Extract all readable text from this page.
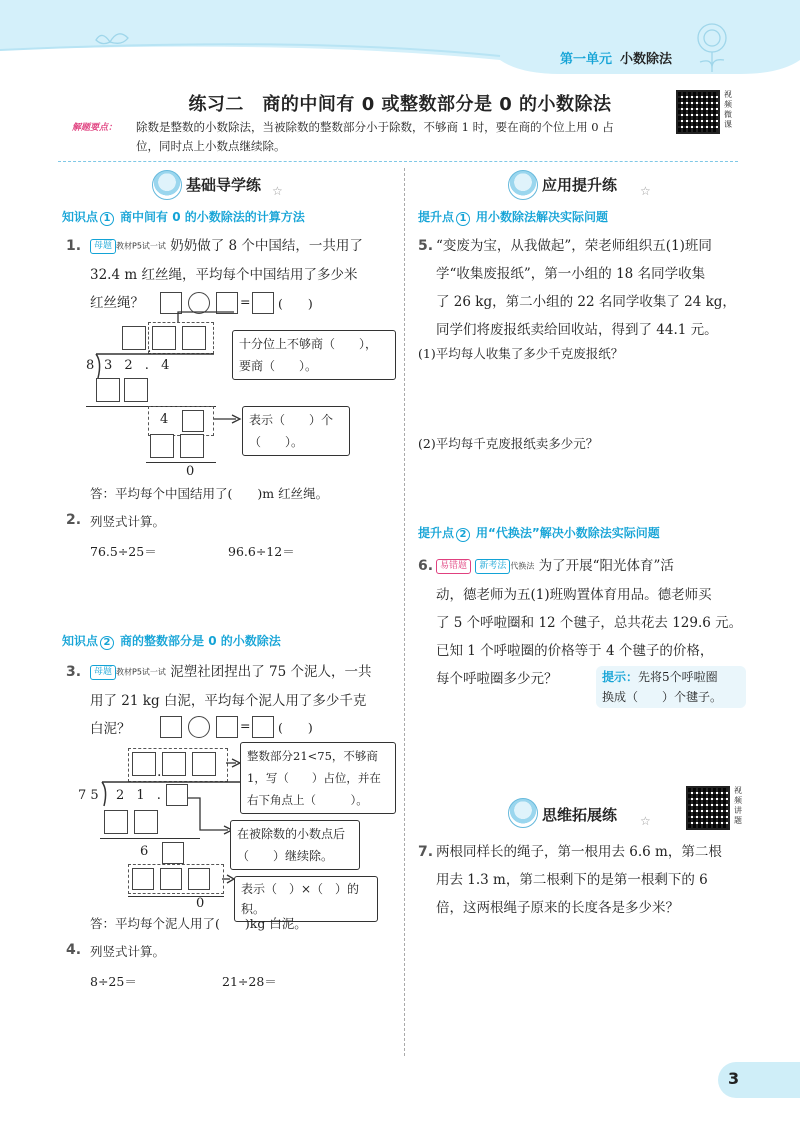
第一单元 小数除法
练习二　商的中间有 0 或整数部分是 0 的小数除法	视频微课
解题要点： 除数是整数的小数除法，当被除数的整数部分小于除数，不够商 1 时，要在商的个位上用 0 占
位，同时点上小数点继续除。
基础导学练 ☆
知识点 1 商中间有 0 的小数除法的计算方法
1.	母题 教材P5试一试 奶奶做了 8 个中国结，一共用了
32.4 m 红丝绳，平均每个中国结用了多少米
红丝绳？	= (　　)
.
8 3 2 . 4
十分位上不够商（　　），
要商（　　）。
4	表示（　　）个
（　　）。
0
答：平均每个中国结用了(　　)m 红丝绳。
2. 列竖式计算。
76.5÷25＝	96.6÷12＝
知识点 2 商的整数部分是 0 的小数除法
3.	母题 教材P5试一试 泥塑社团捏出了 75 个泥人，一共
用了 21 kg 白泥，平均每个泥人用了多少千克
白泥？	= (　　)
.
整数部分21<75，不够商
1，写（　　）占位，并在
右下角点上（　　　）。
7 5 2 1 .
在被除数的小数点后
（　　）继续除。
6
表示（　）×（　）的积。
0
答：平均每个泥人用了(　　)kg 白泥。
4. 列竖式计算。
8÷25＝	21÷28＝
应用提升练 ☆
提升点 1 用小数除法解决实际问题
5. “变废为宝，从我做起”，荣老师组织五(1)班同
学“收集废报纸”，第一小组的 18 名同学收集
了 26 kg，第二小组的 22 名同学收集了 24 kg，
同学们将废报纸卖给回收站，得到了 44.1 元。
(1)平均每人收集了多少千克废报纸？
(2)平均每千克废报纸卖多少元？
提升点 2 用“代换法”解决小数除法实际问题
6. 易错题 新考法 代换法 为了开展“阳光体育”活
动，德老师为五(1)班购置体育用品。德老师买
了 5 个呼啦圈和 12 个毽子，总共花去 129.6 元。
已知 1 个呼啦圈的价格等于 4 个毽子的价格，
每个呼啦圈多少元？	提示：先将5个呼啦圈
换成（　　）个毽子。
思维拓展练 ☆
视频讲题
7. 两根同样长的绳子，第一根用去 6.6 m，第二根
用去 1.3 m，第二根剩下的是第一根剩下的 6
倍，这两根绳子原来的长度各是多少米？
3
